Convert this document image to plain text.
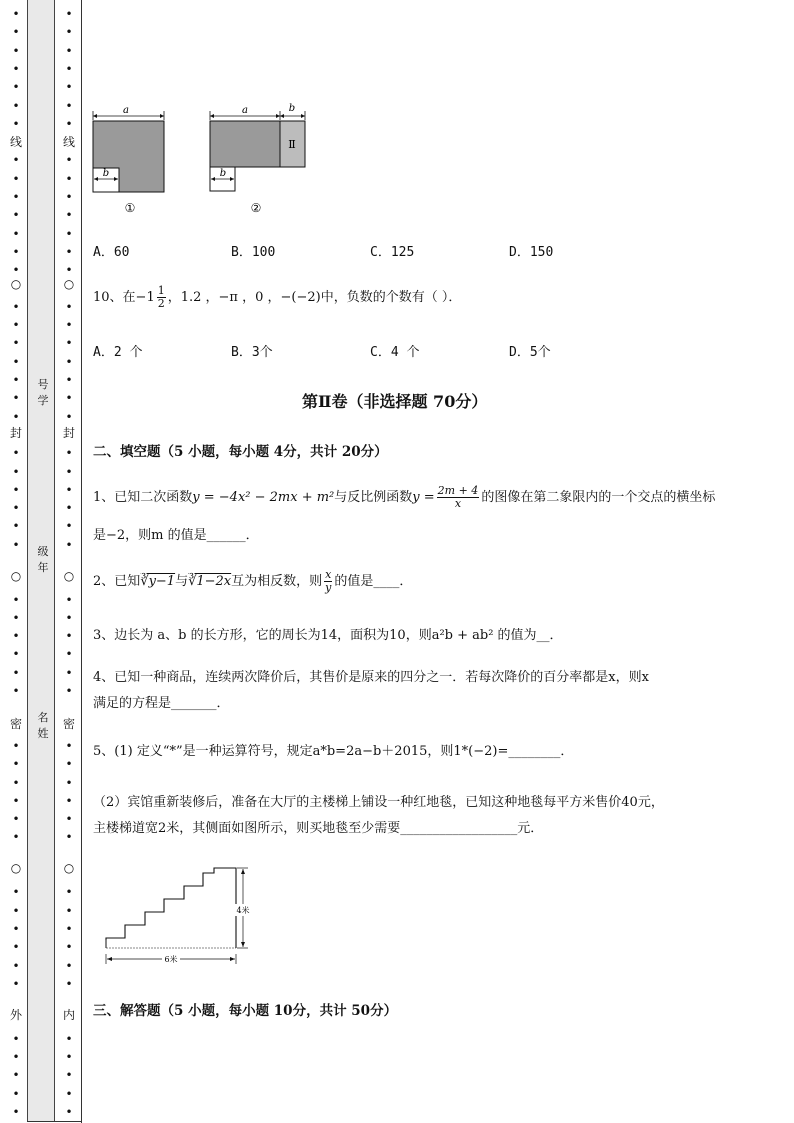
•
•
•
•
•
•
•
•
•
•
•
•
•
•
•
•
•
•
•
•
•
•
•
•
•
•
•
•
•
•
•
•
•
•
•
•
•
•
•
•
•
•
•
•
•
•
•
•
•
•
•
•
•
•
•
•
•
•
•
•
•
•
•
•
•
•
•
•
•
•
•
•
•
•
•
•
•
•
•
•
•
•
•
•
•
•
•
•
•
•
•
•
•
•
•
•
•
•
•
•
线
○
封
○
密
○
外
线
○
封
○
密
○
内
号学
级年
名姓
a
b
①
a	b
Ⅱ
b
②
A．60	B．100	C．125	D．150
10、在$-1 \frac{1}{2}$ ，1.2 ，−π ，0 ，−(−2)中，负数的个数有（ ）．
A．2 个	B．3个	C．4 个	D．5个
第Ⅱ卷（非选择题 70分）
二、填空题（5 小题，每小题 4分，共计 20分）
1、已知二次函数y = −4x² − 2mx + m²与反比例函数$y = \frac{2m + 4}{x}$ 的图像在第二象限内的一个交点的横坐标
是−2，则m 的值是______．
2、已知∛y−1与∛1−2x互为相反数，则 $\frac{x}{y}$ 的值是____．
3、边长为 a、b 的长方形，它的周长为14，面积为10，则a²b + ab² 的值为__．
4、已知一种商品，连续两次降价后，其售价是原来的四分之一．若每次降价的百分率都是x，则x
满足的方程是_______．
5、(1) 定义“*”是一种运算符号，规定a*b=2a−b＋2015，则1*(−2)=________．
（2）宾馆重新装修后，准备在大厅的主楼梯上铺设一种红地毯，已知这种地毯每平方米售价40元，
主楼梯道宽2米，其侧面如图所示，则买地毯至少需要__________________元．
4米
6米
三、解答题（5 小题，每小题 10分，共计 50分）
